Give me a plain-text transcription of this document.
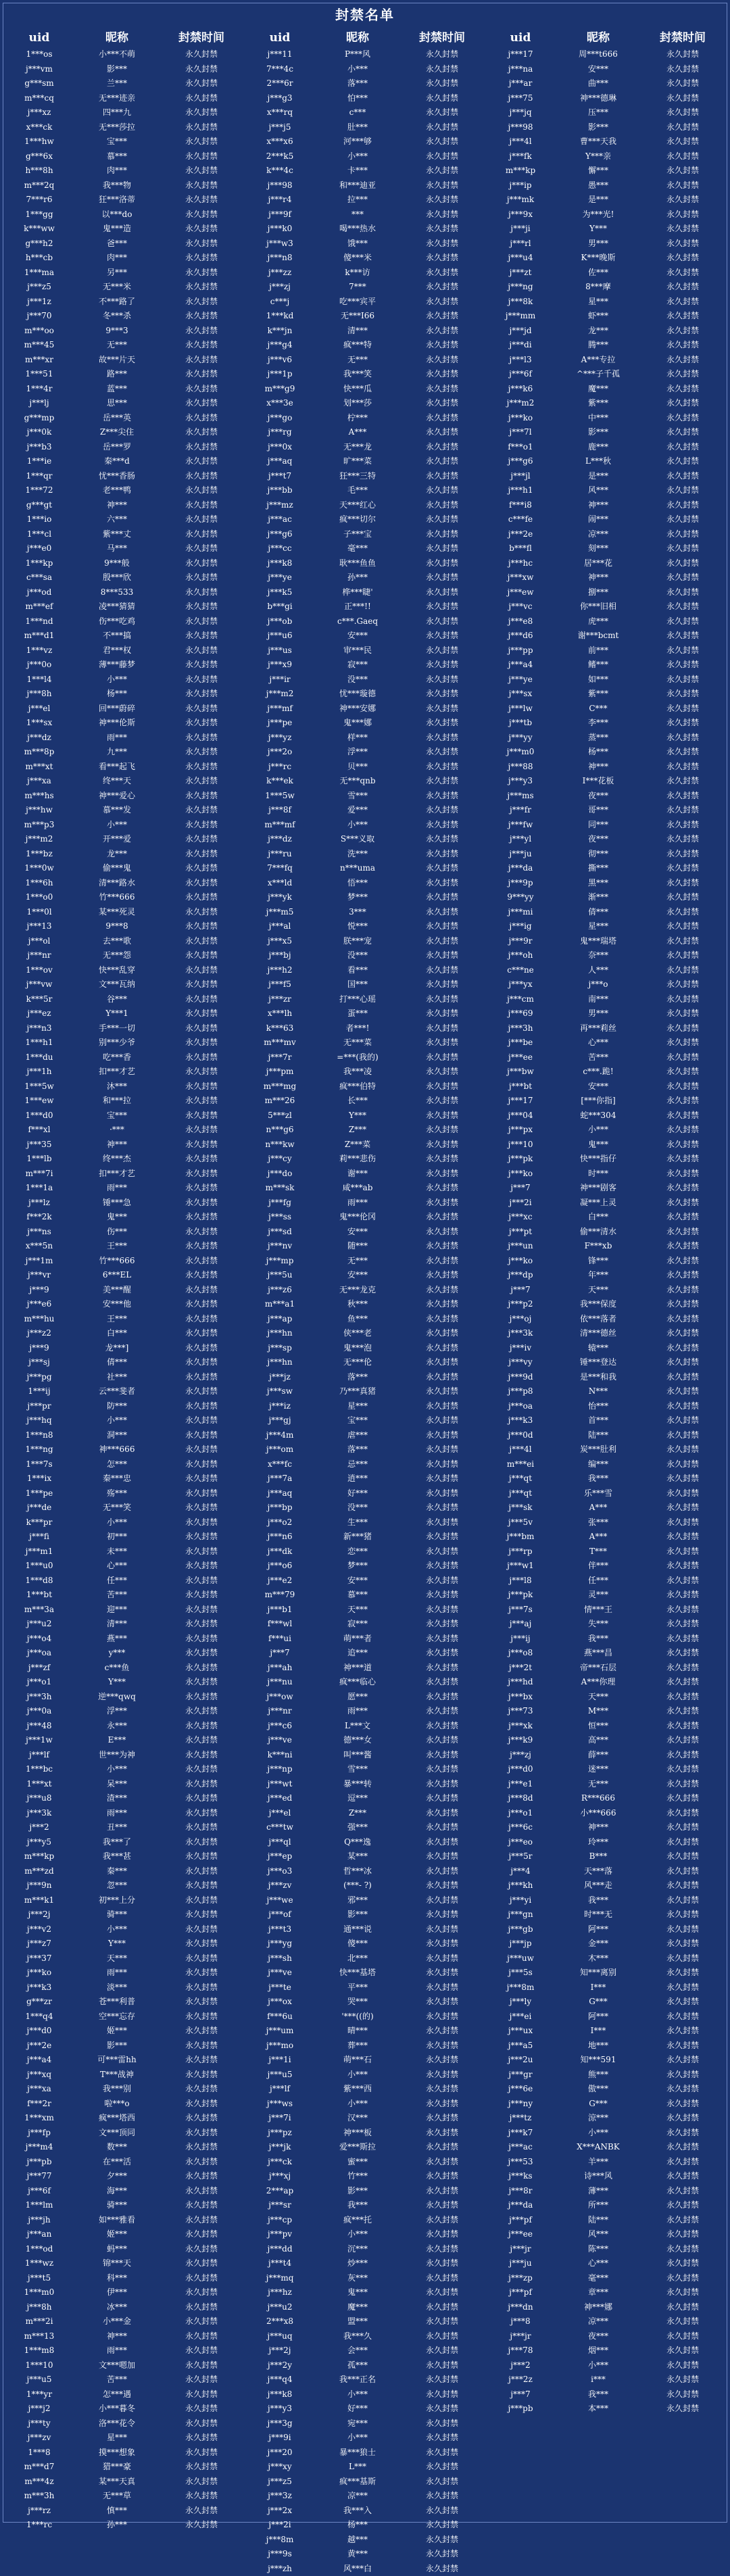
封禁名单
uid	昵称	封禁时间
1***os	小***不萌	永久封禁
j***vm	影***	永久封禁
g***sm	兰***	永久封禁
m***cq	无***迹亲	永久封禁
j***xz	四***九	永久封禁
x***ck	无***莎拉	永久封禁
1***hw	宝***	永久封禁
g***6x	慕***	永久封禁
h***8h	肉***	永久封禁
m***2q	我***物	永久封禁
7***r6	狂***洛蒂	永久封禁
1***gg	以***do	永久封禁
k***ww	鬼***造	永久封禁
g***h2	爸***	永久封禁
h***cb	肉***	永久封禁
1***ma	另***	永久封禁
j***z5	无***米	永久封禁
j***1z	不***路了	永久封禁
j***70	冬***杀	永久封禁
m***oo	9***3	永久封禁
m***45	无***	永久封禁
m***xr	故***片天	永久封禁
1***51	路***	永久封禁
1***4r	蓝***	永久封禁
j***lj	思***	永久封禁
g***mp	岳***英	永久封禁
j***0k	Z***尖住	永久封禁
j***b3	岳***罗	永久封禁
1***ie	秦***d	永久封禁
1***qr	忧***香肠	永久封禁
1***72	老***鸭	永久封禁
g***gt	神***	永久封禁
1***io	六***	永久封禁
1***cl	紫***丈	永久封禁
j***e0	马***	永久封禁
1***kp	9***般	永久封禁
c***sa	殷***欣	永久封禁
j***od	8***533	永久封禁
m***ef	凌***猜猜	永久封禁
1***nd	伤***吃鸡	永久封禁
m***d1	不***搞	永久封禁
1***vz	君***权	永久封禁
j***0o	薄***藤梦	永久封禁
1***l4	小***	永久封禁
j***8h	杨***	永久封禁
j***el	回***蔚碎	永久封禁
1***sx	神***伦斯	永久封禁
j***dz	雨***	永久封禁
m***8p	九***	永久封禁
m***xt	看***起飞	永久封禁
j***xa	终***天	永久封禁
m***hs	神***爱心	永久封禁
j***hw	慕***发	永久封禁
m***p3	小***	永久封禁
j***m2	开***爱	永久封禁
1***bz	龙***	永久封禁
1***0w	偷***鬼	永久封禁
1***6h	清***路水	永久封禁
1***o0	竹***666	永久封禁
1***0l	某***死灵	永久封禁
j***13	9***8	永久封禁
j***ol	去***歌	永久封禁
j***nr	无***怨	永久封禁
1***ov	快***乱穿	永久封禁
j***vw	文***瓦纳	永久封禁
k***5r	谷***	永久封禁
j***ez	Y***1	永久封禁
j***n3	手***一切	永久封禁
1***h1	别***少爷	永久封禁
1***du	吃***香	永久封禁
j***1h	扣***才艺	永久封禁
1***5w	沐***	永久封禁
1***ew	和***拉	永久封禁
1***d0	宝***	永久封禁
f***xl	·***	永久封禁
j***35	神***	永久封禁
1***lb	终***杰	永久封禁
m***7i	扣***才艺	永久封禁
1***1a	雨***	永久封禁
j***lz	锤***急	永久封禁
f***2k	鬼***	永久封禁
j***ns	伤***	永久封禁
x***5n	王***	永久封禁
j***1m	竹***666	永久封禁
j***vr	6***EL	永久封禁
j***9	美***醒	永久封禁
j***e6	安***他	永久封禁
m***hu	王***	永久封禁
j***z2	白***	永久封禁
j***9	龙***]	永久封禁
j***sj	倩***	永久封禁
j***pg	社***	永久封禁
1***ij	云***斐者	永久封禁
j***pr	防***	永久封禁
j***hq	小***	永久封禁
1***n8	洞***	永久封禁
1***ng	神***666	永久封禁
1***7s	怎***	永久封禁
1***ix	秦***忠	永久封禁
1***pe	殇***	永久封禁
j***de	无***笑	永久封禁
k***pr	小***	永久封禁
j***fi	初***	永久封禁
j***m1	未***	永久封禁
1***u0	心***	永久封禁
1***d8	任***	永久封禁
1***bt	苦***	永久封禁
m***3a	迎***	永久封禁
j***u2	清***	永久封禁
j***o4	燕***	永久封禁
j***oa	y***	永久封禁
j***zf	c***鱼	永久封禁
j***o1	Y***	永久封禁
j***3h	逆***qwq	永久封禁
j***0a	浮***	永久封禁
j***48	永***	永久封禁
j***1w	E***	永久封禁
j***lf	世***为神	永久封禁
1***bc	小***	永久封禁
1***xt	呆***	永久封禁
j***u8	渣***	永久封禁
j***3k	雨***	永久封禁
j***2	丑***	永久封禁
j***y5	我***了	永久封禁
m***kp	我***甚	永久封禁
m***zd	秦***	永久封禁
j***9n	忽***	永久封禁
m***k1	初***上分	永久封禁
j***2j	骑***	永久封禁
j***v2	小***	永久封禁
j***z7	Y***	永久封禁
j***37	天***	永久封禁
j***ko	雨***	永久封禁
j***k3	淡***	永久封禁
g***zr	苍***利普	永久封禁
1***q4	空***忘存	永久封禁
j***d0	姬***	永久封禁
j***2e	影***	永久封禁
j***a4	可***雷hh	永久封禁
j***xq	T***战神	永久封禁
j***xa	我***别	永久封禁
f***2r	啦***o	永久封禁
1***xm	疯***塔西	永久封禁
j***fp	文***顶同	永久封禁
j***m4	数***	永久封禁
j***pb	在***活	永久封禁
j***77	夕***	永久封禁
j***6f	海***	永久封禁
1***lm	骑***	永久封禁
j***jh	如***雅看	永久封禁
j***an	姬***	永久封禁
1***od	蚂***	永久封禁
1***wz	锦***天	永久封禁
j***t5	科***	永久封禁
1***m0	伊***	永久封禁
j***8h	冰***	永久封禁
m***2i	小***金	永久封禁
m***13	神***	永久封禁
1***m8	雨***	永久封禁
1***10	文***嗯加	永久封禁
j***u5	苦***	永久封禁
1***yr	怎***遇	永久封禁
j***j2	小***暮冬	永久封禁
j***ty	洛***花令	永久封禁
j***zv	星***	永久封禁
1***8	摸***想象	永久封禁
m***d7	猎***豪	永久封禁
m***4z	某***天真	永久封禁
m***3h	无***草	永久封禁
j***rz	慎***	永久封禁
1***rc	孙***	永久封禁
uid	昵称	封禁时间
j***11	P***风	永久封禁
7***4c	小***	永久封禁
2***6r	落***	永久封禁
j***g3	怕***	永久封禁
x***rq	c***	永久封禁
j***j5	肚***	永久封禁
x***x6	河***够	永久封禁
2***k5	小***	永久封禁
k***4c	卡***	永久封禁
j***98	和***迪亚	永久封禁
j***r4	拉***	永久封禁
j***9f	***	永久封禁
j***k0	喝***热水	永久封禁
j***w3	饿***	永久封禁
j***n8	傻***米	永久封禁
j***zz	k***访	永久封禁
j***zj	7***	永久封禁
c***j	吃***宾平	永久封禁
1***kd	无***I66	永久封禁
k***jn	清***	永久封禁
j***g4	疯***特	永久封禁
j***v6	无***	永久封禁
j***1p	我***笑	永久封禁
m***g9	快***瓜	永久封禁
x***3e	划***莎	永久封禁
j***go	柠***	永久封禁
j***rg	A***	永久封禁
j***0x	无***龙	永久封禁
j***aq	旷***菜	永久封禁
j***t7	狂***三特	永久封禁
j***bb	毛***	永久封禁
j***mz	天***红心	永久封禁
j***ac	疯***切尔	永久封禁
j***g6	子***宝	永久封禁
j***cc	毫***	永久封禁
j***k8	耿***鱼鱼	永久封禁
j***ye	孙***	永久封禁
j***k5	桦***睫'	永久封禁
b***gi	正***!!	永久封禁
j***ob	c***.Gaeq	永久封禁
j***u6	安***	永久封禁
j***us	审***民	永久封禁
j***x9	寂***	永久封禁
j***ir	没***	永久封禁
j***m2	忧***璇德	永久封禁
j***mf	神***安娜	永久封禁
j***pe	鬼***娜	永久封禁
j***yz	样***	永久封禁
j***2o	浮***	永久封禁
j***rc	贝***	永久封禁
k***ek	无***qnb	永久封禁
1***5w	雪***	永久封禁
j***8f	爱***	永久封禁
m***mf	小***	永久封禁
j***dz	S***义取	永久封禁
j***ru	洗***	永久封禁
7***fq	n***uma	永久封禁
x***ld	悟***	永久封禁
j***yk	梦***	永久封禁
j***m5	3***	永久封禁
j***al	悦***	永久封禁
j***x5	朕***宠	永久封禁
j***bj	没***	永久封禁
j***h2	看***	永久封禁
j***f5	国***	永久封禁
j***zr	打***心瑶	永久封禁
x***lh	蛋***	永久封禁
k***63	者***!	永久封禁
m***mv	无***菜	永久封禁
j***7r	=***(我的)	永久封禁
j***pm	我***凌	永久封禁
m***mg	疯***伯特	永久封禁
m***26	长***	永久封禁
5***zl	Y***	永久封禁
n***g6	Z***	永久封禁
n***kw	Z***菜	永久封禁
j***cy	莉***悲伤	永久封禁
j***do	谢***	永久封禁
m***sk	咸***ab	永久封禁
j***fg	雨***	永久封禁
j***ss	鬼***伦冈	永久封禁
j***sd	安***	永久封禁
j***nv	随***	永久封禁
j***mp	无***	永久封禁
j***5u	安***	永久封禁
j***z6	无***龙克	永久封禁
m***a1	秋***	永久封禁
j***ap	鱼***	永久封禁
j***hn	侠***老	永久封禁
j***sp	鬼***泡	永久封禁
j***hn	无***伦	永久封禁
j***jz	落***	永久封禁
j***sw	乃***真猪	永久封禁
j***iz	星***	永久封禁
j***gj	宝***	永久封禁
j***4m	虐***	永久封禁
j***om	落***	永久封禁
x***fc	忌***	永久封禁
j***7a	逍***	永久封禁
j***aq	好***	永久封禁
j***bp	没***	永久封禁
j***o2	生***	永久封禁
j***n6	新***猪	永久封禁
j***dk	恋***	永久封禁
j***o6	梦***	永久封禁
j***e2	安***	永久封禁
m***79	慕***	永久封禁
j***b1	天***	永久封禁
f***wl	寂***	永久封禁
f***ui	萌***者	永久封禁
j***7	追***	永久封禁
j***ah	神***道	永久封禁
j***nu	疯***临心	永久封禁
j***ow	愿***	永久封禁
j***nr	雨***	永久封禁
j***c6	L***文	永久封禁
j***ve	德***女	永久封禁
k***ni	叫***酱	永久封禁
j***np	雪***	永久封禁
j***wt	暴***转	永久封禁
j***ed	逗***	永久封禁
j***el	Z***	永久封禁
c***tw	强***	永久封禁
j***ql	Q***逸	永久封禁
j***ep	某***	永久封禁
j***o3	哲***冰	永久封禁
j***zv	(***- ?)	永久封禁
j***we	邪***	永久封禁
j***of	影***	永久封禁
j***t3	通***说	永久封禁
j***yg	傻***	永久封禁
j***sh	北***	永久封禁
j***ve	快***基塔	永久封禁
j***te	平***	永久封禁
j***ox	哭***	永久封禁
f***6u	'***((的)	永久封禁
j***um	晴***	永久封禁
j***mo	葬***	永久封禁
j***1i	萌***石	永久封禁
j***u5	小***	永久封禁
j***lf	紫***西	永久封禁
j***ws	小***	永久封禁
j***7i	汉***	永久封禁
j***pz	神***板	永久封禁
j***jk	爱***斯拉	永久封禁
j***ck	蜜***	永久封禁
j***xj	竹***	永久封禁
2***ap	影***	永久封禁
j***sr	我***	永久封禁
j***cp	疯***托	永久封禁
j***pv	小***	永久封禁
j***dd	沉***	永久封禁
j***t4	炒***	永久封禁
j***mq	灰***	永久封禁
j***hz	鬼***	永久封禁
j***u2	魔***	永久封禁
2***x8	盟***	永久封禁
j***uq	我***久	永久封禁
j***2j	会***	永久封禁
j***2y	孤***	永久封禁
j***q4	我***正名	永久封禁
j***k8	小***	永久封禁
j***y3	好***	永久封禁
j***3g	宛***	永久封禁
j***9i	小***	永久封禁
j***20	暴***狼士	永久封禁
j***xy	L***	永久封禁
j***z5	疯***基斯	永久封禁
j***3z	凉***	永久封禁
j***2x	我***入	永久封禁
j***2i	杨***	永久封禁
j***8m	越***	永久封禁
j***9s	黄***	永久封禁
j***zh	风***白	永久封禁
uid	昵称	封禁时间
j***17	周***t666	永久封禁
j***na	安***	永久封禁
j***ar	曲***	永久封禁
j***75	神***德琳	永久封禁
j***jq	压***	永久封禁
j***98	影***	永久封禁
j***4l	曹***天我	永久封禁
j***fk	Y***亲	永久封禁
m***kp	懈***	永久封禁
j***ip	愚***	永久封禁
j***mk	是***	永久封禁
j***9x	为***光!	永久封禁
j***ji	Y***	永久封禁
j***rl	男***	永久封禁
j***u4	K***晚斯	永久封禁
j***zt	佐***	永久封禁
j***ng	8***摩	永久封禁
j***8k	星***	永久封禁
j***mm	虾***	永久封禁
j***jd	龙***	永久封禁
j***di	腾***	永久封禁
j***l3	A***专拉	永久封禁
j***6f	^***子千孤	永久封禁
j***k6	魔***	永久封禁
j***m2	紫***	永久封禁
j***ko	中***	永久封禁
j***7l	影***	永久封禁
f***o1	鹿***	永久封禁
j***g6	L***秋	永久封禁
j***jl	是***	永久封禁
j***h1	风***	永久封禁
f***i8	神***	永久封禁
c***fe	闹***	永久封禁
j***2e	凉***	永久封禁
b***fl	刻***	永久封禁
j***hc	居***花	永久封禁
j***xw	神***	永久封禁
j***ew	捌***	永久封禁
j***vc	你***旧相	永久封禁
j***e8	虎***	永久封禁
j***d6	谢***bcmt	永久封禁
j***pp	前***	永久封禁
j***a4	鳍***	永久封禁
j***ye	如***	永久封禁
j***sx	紫***	永久封禁
j***lw	C***	永久封禁
j***tb	李***	永久封禁
j***yy	蒸***	永久封禁
j***m0	杨***	永久封禁
j***88	神***	永久封禁
j***y3	I***花板	永久封禁
j***ms	夜***	永久封禁
j***fr	哥***	永久封禁
j***fw	同***	永久封禁
j***yl	夜***	永久封禁
j***ju	彻***	永久封禁
j***da	撕***	永久封禁
j***9p	黑***	永久封禁
9***yy	渐***	永久封禁
j***mi	倩***	永久封禁
j***ig	星***	永久封禁
j***9r	鬼***瑞塔	永久封禁
j***oh	奈***	永久封禁
c***ne	人***	永久封禁
j***yx	j***o	永久封禁
j***cm	南***	永久封禁
j***69	男***	永久封禁
j***3h	再***莉丝	永久封禁
j***be	心***	永久封禁
j***ee	苦***	永久封禁
j***bw	c***.跪!	永久封禁
j***bt	安***	永久封禁
j***17	[***你指]	永久封禁
j***04	蛇***304	永久封禁
j***px	小***	永久封禁
j***10	鬼***	永久封禁
j***pk	快***指仔	永久封禁
j***ko	时***	永久封禁
j***7	神***剧客	永久封禁
j***2i	凝***上灵	永久封禁
j***xc	白***	永久封禁
j***pt	偷***清水	永久封禁
j***un	F***xb	永久封禁
j***ko	锋***	永久封禁
j***dp	年***	永久封禁
j***7	天***	永久封禁
j***p2	我***保度	永久封禁
j***oj	依***落者	永久封禁
j***3k	清***德丝	永久封禁
j***iv	辕***	永久封禁
j***vy	锤***登达	永久封禁
j***9d	是***和我	永久封禁
j***p8	N***	永久封禁
j***oa	怡***	永久封禁
j***k3	首***	永久封禁
j***0d	陆***	永久封禁
j***4l	炭***肚利	永久封禁
m***ei	编***	永久封禁
j***qt	我***	永久封禁
j***qt	乐***雪	永久封禁
j***sk	A***	永久封禁
j***5v	张***	永久封禁
j***bm	A***	永久封禁
j***rp	T***	永久封禁
j***w1	伴***	永久封禁
j***l8	任***	永久封禁
j***pk	灵***	永久封禁
j***7s	情***王	永久封禁
j***aj	失***	永久封禁
j***ij	我***	永久封禁
j***o8	燕***昌	永久封禁
j***2t	帝***石层	永久封禁
j***hd	A***你理	永久封禁
j***bx	天***	永久封禁
j***73	M***	永久封禁
j***xk	恒***	永久封禁
j***k9	高***	永久封禁
j***zj	薛***	永久封禁
j***d0	迷***	永久封禁
j***e1	无***	永久封禁
j***8d	R***666	永久封禁
j***o1	小***666	永久封禁
j***6c	神***	永久封禁
j***eo	玲***	永久封禁
j***5r	B***	永久封禁
j***4	天***落	永久封禁
j***kh	风***走	永久封禁
j***yi	我***	永久封禁
j***gn	时***无	永久封禁
j***gb	阿***	永久封禁
j***jp	金***	永久封禁
j***uw	木***	永久封禁
j***5s	知***离别	永久封禁
j***8m	I***	永久封禁
j***ly	G***	永久封禁
j***ei	阿***	永久封禁
j***ux	I***	永久封禁
j***a5	地***	永久封禁
j***2u	知***591	永久封禁
j***gr	熊***	永久封禁
j***6e	傲***	永久封禁
j***ny	G***	永久封禁
j***tz	涼***	永久封禁
j***k7	小***	永久封禁
j***ac	X***ANBK	永久封禁
j***53	羊***	永久封禁
j***ks	诗***风	永久封禁
j***8r	薄***	永久封禁
j***da	所***	永久封禁
j***pf	陆***	永久封禁
j***ee	风***	永久封禁
j***jr	陈***	永久封禁
j***ju	心***	永久封禁
j***zp	毫***	永久封禁
j***pf	章***	永久封禁
j***dn	神***娜	永久封禁
j***8	凉***	永久封禁
j***jr	夜***	永久封禁
j***78	烟***	永久封禁
j***2	小***	永久封禁
j***2z	i***	永久封禁
j***7	我***	永久封禁
j***pb	本***	永久封禁
